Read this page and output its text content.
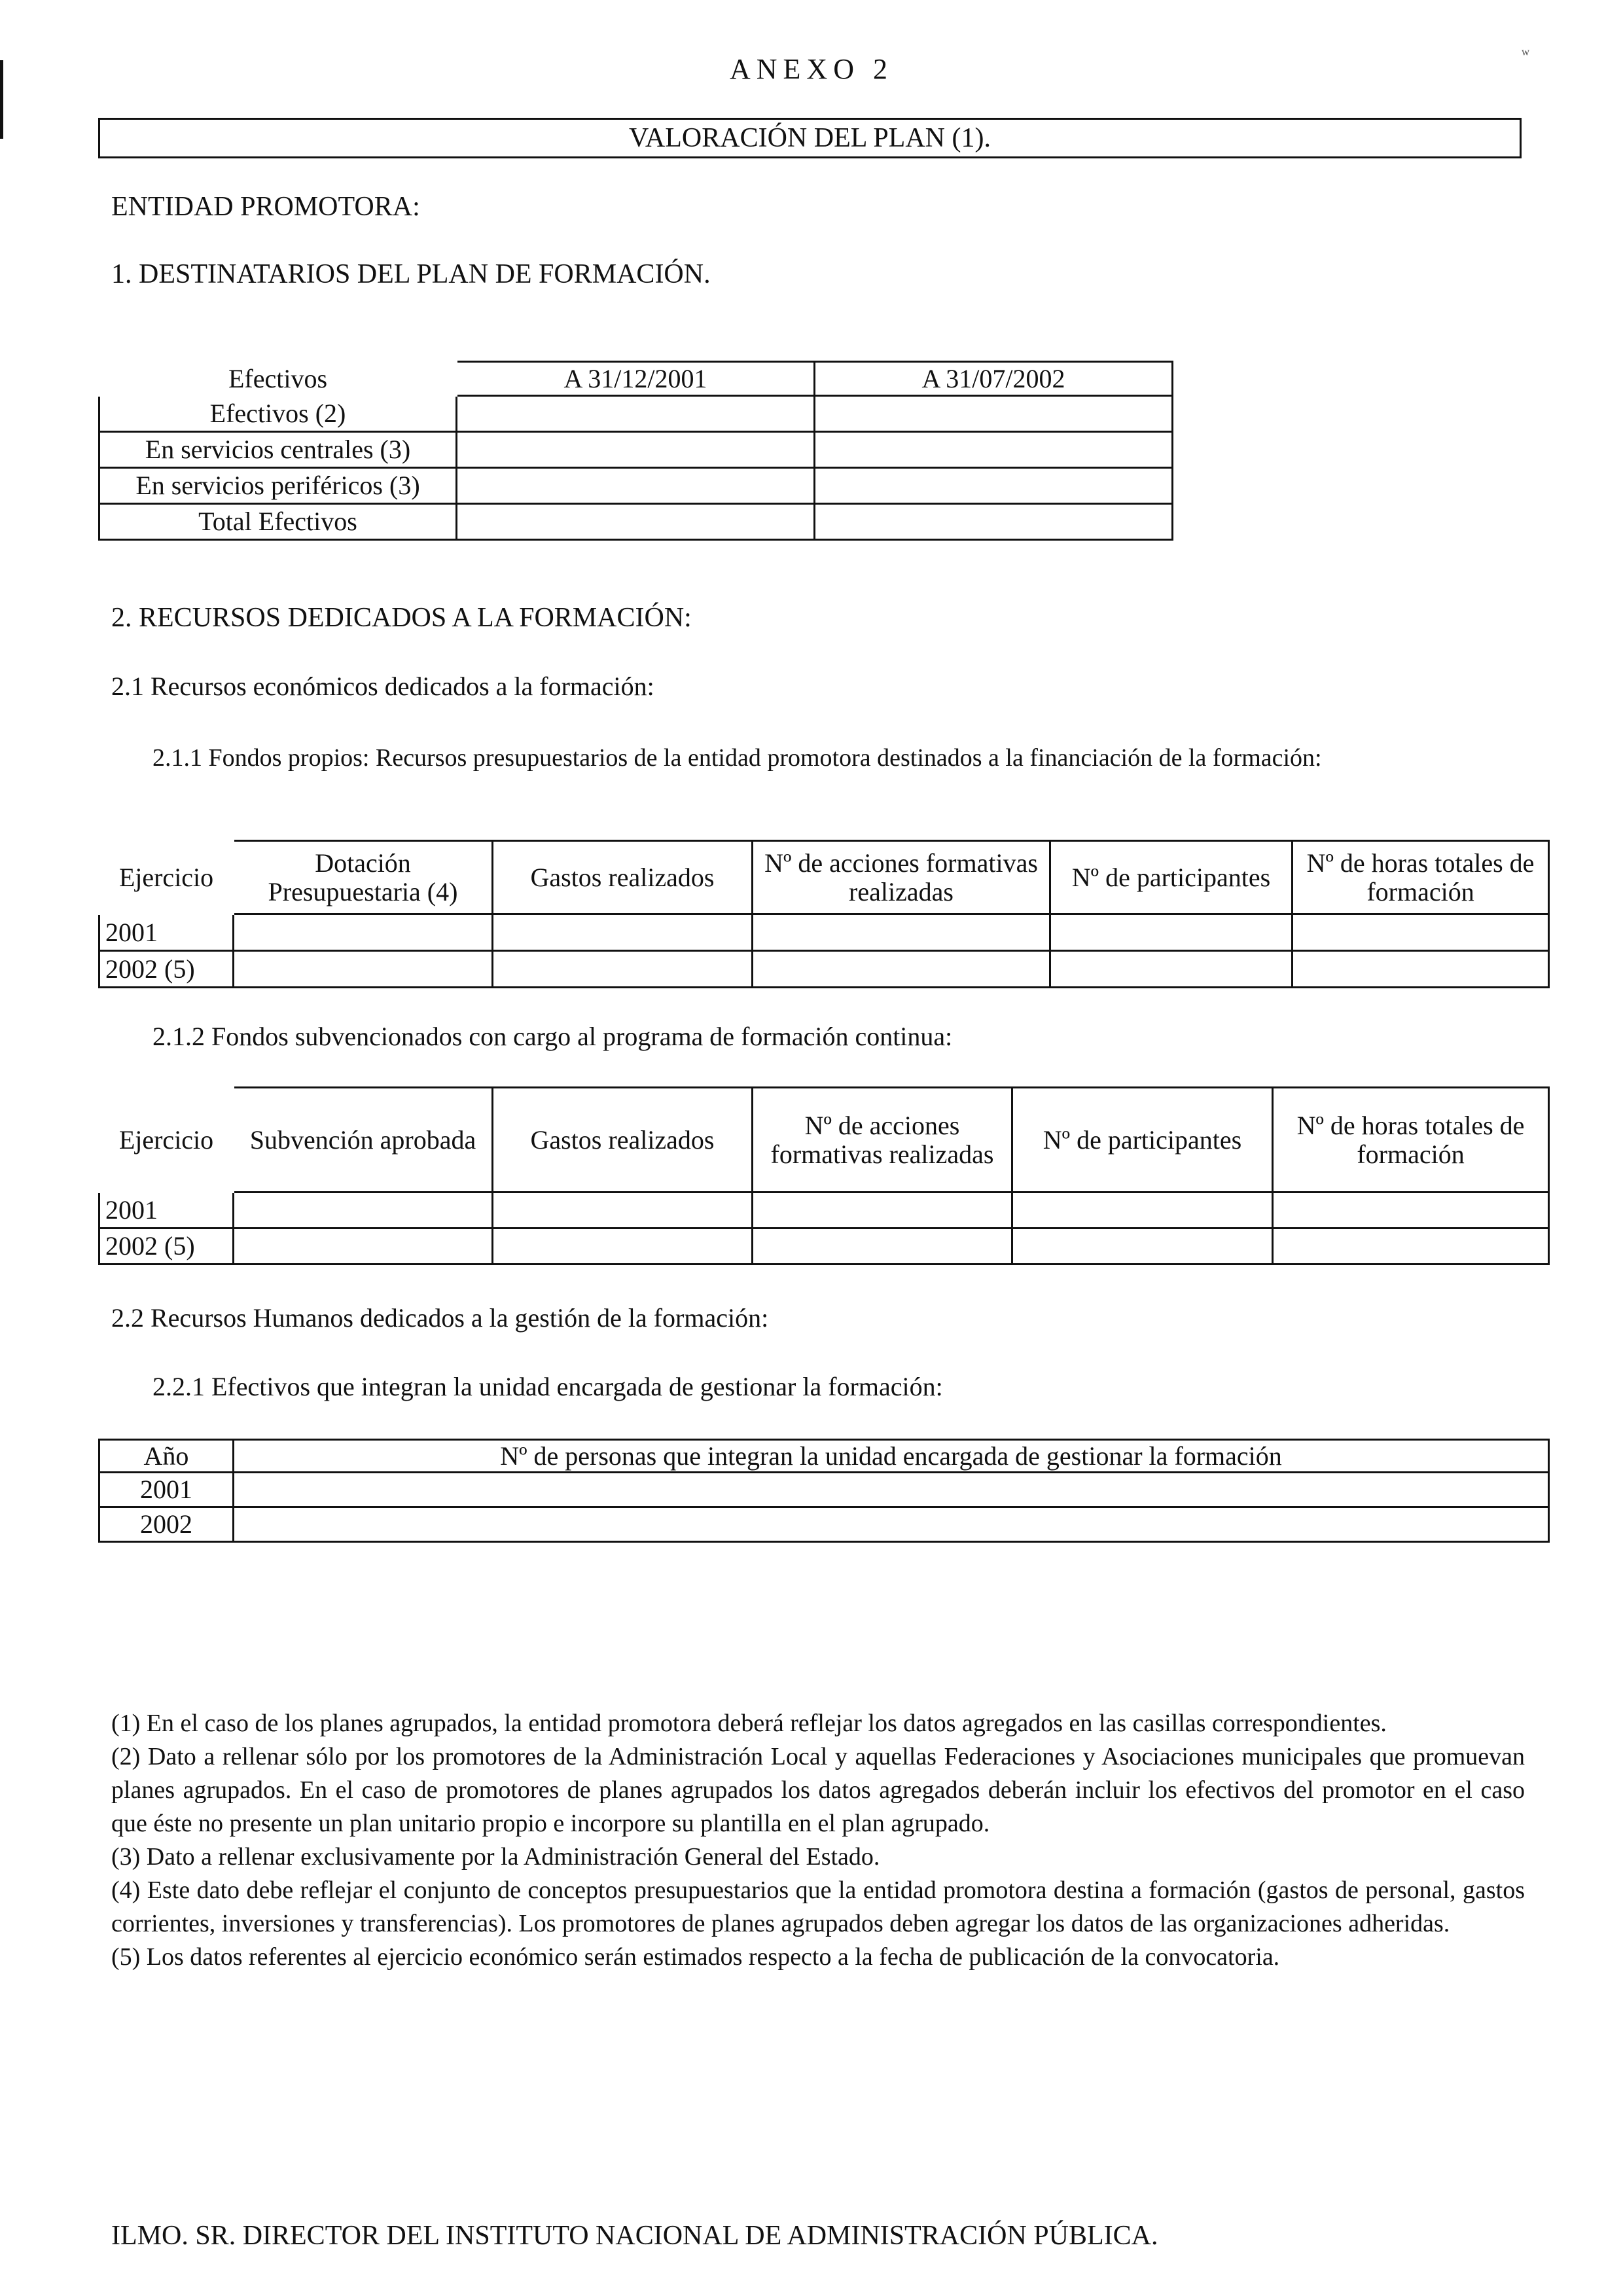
ʷ
ANEXO 2
VALORACIÓN DEL PLAN (1).
ENTIDAD PROMOTORA:
1. DESTINATARIOS DEL PLAN DE FORMACIÓN.
Efectivos	A 31/12/2001	A 31/07/2002
Efectivos (2)		
En servicios centrales (3)		
En servicios periféricos (3)		
Total Efectivos		
2. RECURSOS DEDICADOS A LA FORMACIÓN:
2.1 Recursos económicos dedicados a la formación:
2.1.1 Fondos propios: Recursos presupuestarios de la entidad promotora destinados a la financiación de la formación:
Ejercicio	Dotación Presupuestaria (4)	Gastos realizados	Nº de acciones formativas realizadas	Nº de participantes	Nº de horas totales de formación
2001					
2002 (5)					
2.1.2 Fondos subvencionados con cargo al programa de formación continua:
Ejercicio	Subvención aprobada	Gastos realizados	Nº de acciones formativas realizadas	Nº de participantes	Nº de horas totales de formación
2001					
2002 (5)					
2.2 Recursos Humanos dedicados a la gestión de la formación:
2.2.1 Efectivos que integran la unidad encargada de gestionar la formación:
Año	Nº de personas que integran la unidad encargada de gestionar la formación
2001	
2002	
(1) En el caso de los planes agrupados, la entidad promotora deberá reflejar los datos agregados en las casillas correspondientes.
(2) Dato a rellenar sólo por los promotores de la Administración Local y aquellas Federaciones y Asociaciones municipales que promuevan planes agrupados. En el caso de promotores de planes agrupados los datos agregados deberán incluir los efectivos del promotor en el caso que éste no presente un plan unitario propio e incorpore su plantilla en el plan agrupado.
(3) Dato a rellenar exclusivamente por la Administración General del Estado.
(4) Este dato debe reflejar el conjunto de conceptos presupuestarios que la entidad promotora destina a formación (gastos de personal, gastos corrientes, inversiones y transferencias). Los promotores de planes agrupados deben agregar los datos de las organizaciones adheridas.
(5) Los datos referentes al ejercicio económico serán estimados respecto a la fecha de publicación de la convocatoria.
ILMO. SR. DIRECTOR DEL INSTITUTO NACIONAL DE ADMINISTRACIÓN PÚBLICA.
